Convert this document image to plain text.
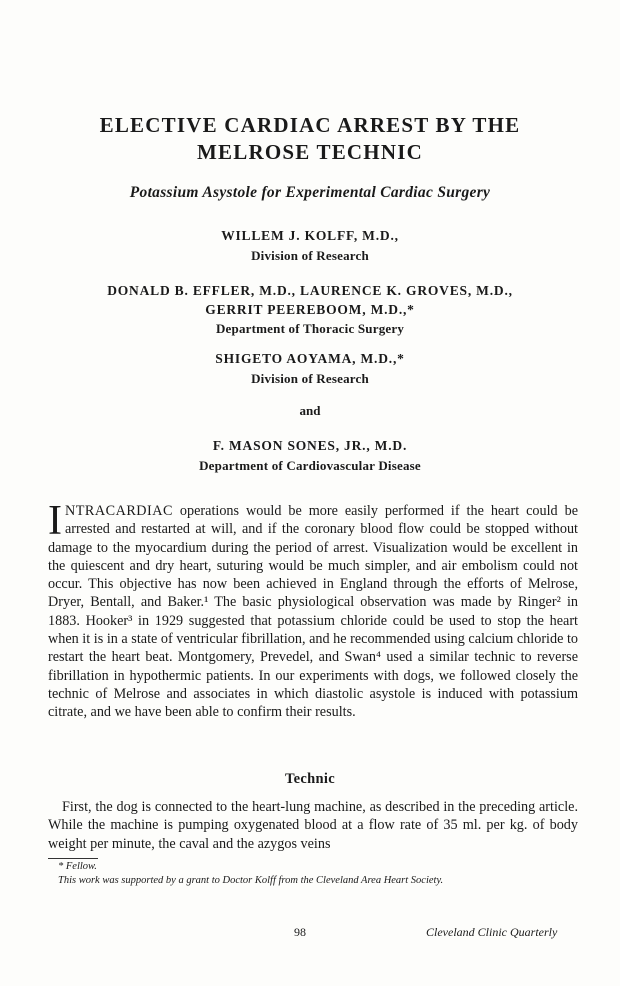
ELECTIVE CARDIAC ARREST BY THE
MELROSE TECHNIC
Potassium Asystole for Experimental Cardiac Surgery
WILLEM J. KOLFF, M.D.,
Division of Research
DONALD B. EFFLER, M.D., LAURENCE K. GROVES, M.D.,
GERRIT PEEREBOOM, M.D.,*
Department of Thoracic Surgery
SHIGETO AOYAMA, M.D.,*
Division of Research
and
F. MASON SONES, JR., M.D.
Department of Cardiovascular Disease

INTRACARDIAC operations would be more easily performed if the heart could be arrested and restarted at will, and if the coronary blood flow could be stopped without damage to the myocardium during the period of arrest. Visualization would be excellent in the quiescent and dry heart, suturing would be much simpler, and air embolism could not occur. This objective has now been achieved in England through the efforts of Melrose, Dryer, Bentall, and Baker.¹ The basic physiological observation was made by Ringer² in 1883. Hooker³ in 1929 suggested that potassium chloride could be used to stop the heart when it is in a state of ventricular fibrillation, and he recommended using calcium chloride to restart the heart beat. Montgomery, Prevedel, and Swan⁴ used a similar technic to reverse fibrillation in hypothermic patients. In our experiments with dogs, we followed closely the technic of Melrose and associates in which diastolic asystole is induced with potassium citrate, and we have been able to confirm their results.

Technic

First, the dog is connected to the heart-lung machine, as described in the preceding article. While the machine is pumping oxygenated blood at a flow rate of 35 ml. per kg. of body weight per minute, the caval and the azygos veins

* Fellow.
This work was supported by a grant to Doctor Kolff from the Cleveland Area Heart Society.
98	Cleveland Clinic Quarterly
